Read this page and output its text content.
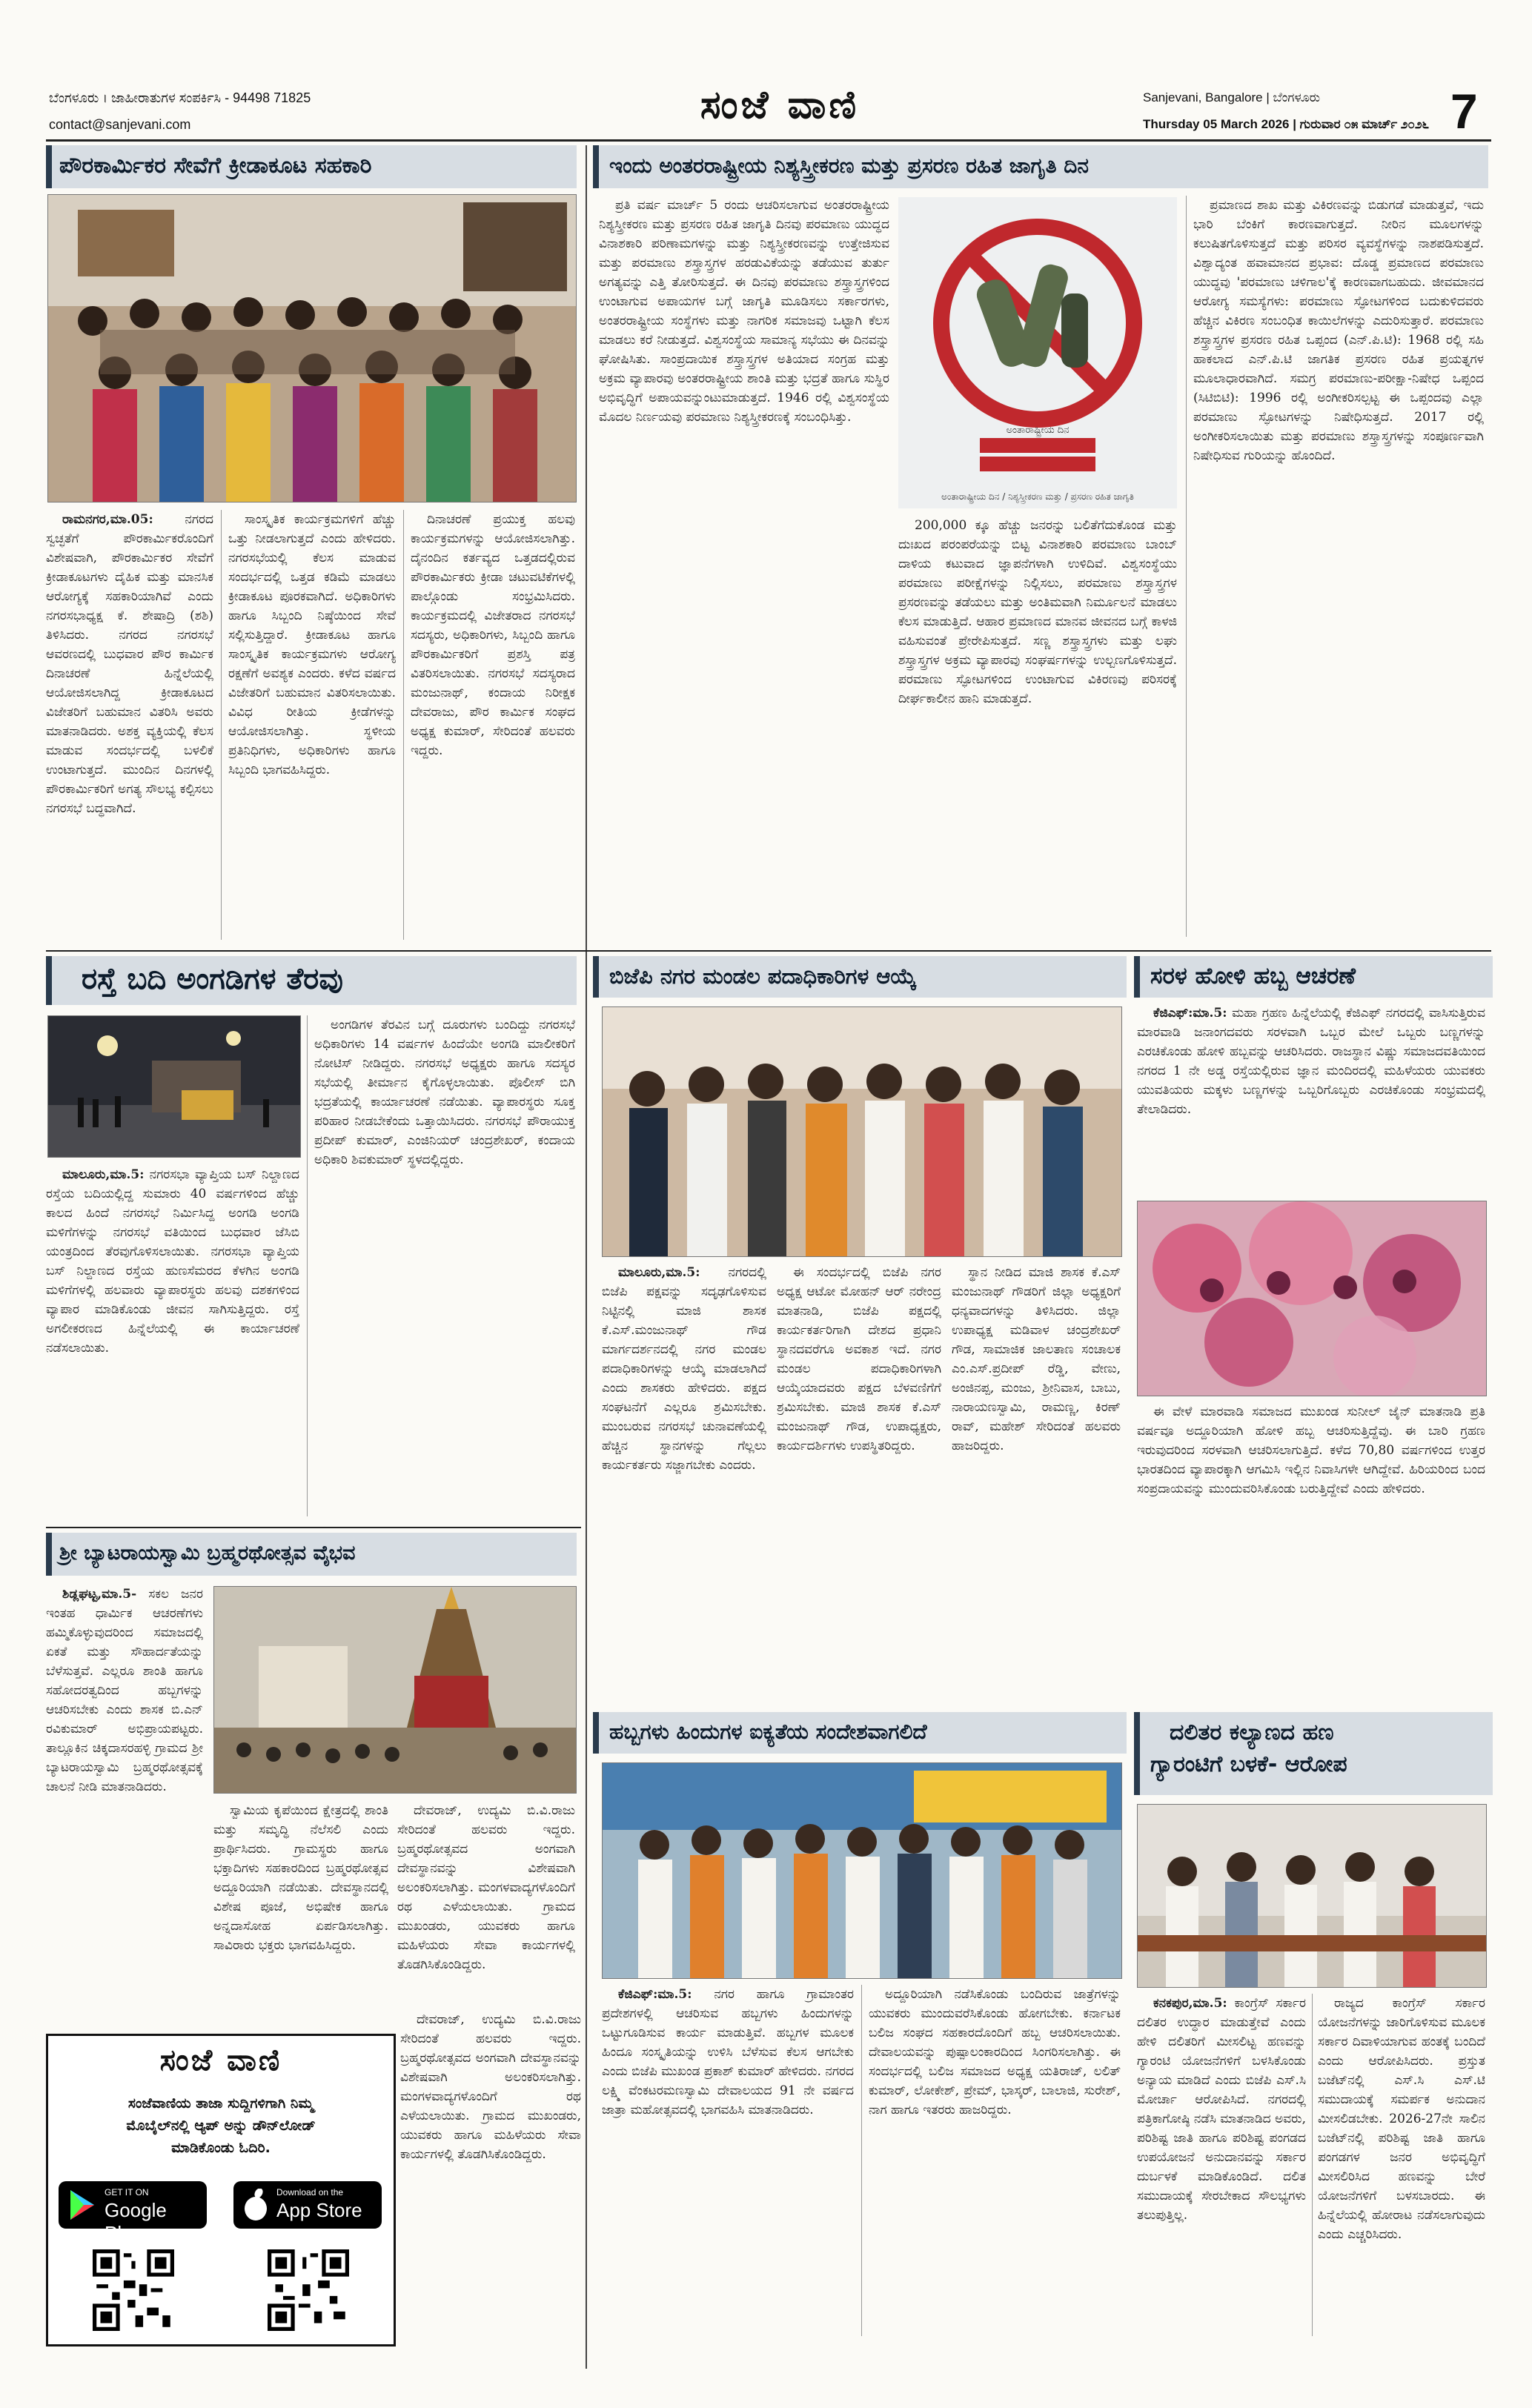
ಬೆಂಗಳೂರು । ಜಾಹೀರಾತುಗಳ ಸಂಪರ್ಕಿಸಿ - 94498 71825
contact@sanjevani.com	ಸಂಜೆ ವಾಣಿ	Sanjevani, Bangalore | ಬೆಂಗಳೂರು
Thursday 05 March 2026 | ಗುರುವಾರ ೦೫ ಮಾರ್ಚ್ ೨೦೨೬ 7
ಪೌರಕಾರ್ಮಿಕರ ಸೇವೆಗೆ ಕ್ರೀಡಾಕೂಟ ಸಹಕಾರಿ

ರಾಮನಗರ,ಮಾ.05:	ನಗರದ ಸ್ವಚ್ಛತೆಗೆ ಪೌರಕಾರ್ಮಿಕರೊಂದಿಗೆ ವಿಶೇಷವಾಗಿ, ಪೌರಕಾರ್ಮಿಕರ ಸೇವೆಗೆ ಕ್ರೀಡಾಕೂಟಗಳು ದೈಹಿಕ ಮತ್ತು ಮಾನಸಿಕ ಆರೋಗ್ಯಕ್ಕೆ ಸಹಕಾರಿಯಾಗಿವೆ ಎಂದು ನಗರಸಭಾಧ್ಯಕ್ಷ ಕೆ. ಶೇಷಾದ್ರಿ (ಶಶಿ) ತಿಳಿಸಿದರು. ನಗರದ ನಗರಸಭೆ ಆವರಣದಲ್ಲಿ ಬುಧವಾರ ಪೌರ ಕಾರ್ಮಿಕ ದಿನಾಚರಣೆ ಹಿನ್ನೆಲೆಯಲ್ಲಿ ಆಯೋಜಿಸಲಾಗಿದ್ದ ಕ್ರೀಡಾಕೂಟದ ವಿಜೇತರಿಗೆ ಬಹುಮಾನ ವಿತರಿಸಿ ಅವರು ಮಾತನಾಡಿದರು. ಅಶಕ್ತ ವ್ಯಕ್ತಿಯಲ್ಲಿ ಕೆಲಸ ಮಾಡುವ ಸಂದರ್ಭದಲ್ಲಿ ಬಳಲಿಕೆ ಉಂಟಾಗುತ್ತದೆ. ಮುಂದಿನ ದಿನಗಳಲ್ಲಿ ಪೌರಕಾರ್ಮಿಕರಿಗೆ ಅಗತ್ಯ ಸೌಲಭ್ಯ ಕಲ್ಪಿಸಲು ನಗರಸಭೆ ಬದ್ಧವಾಗಿದೆ.

ಸಾಂಸ್ಕೃತಿಕ ಕಾರ್ಯಕ್ರಮಗಳಿಗೆ ಹೆಚ್ಚು ಒತ್ತು ನೀಡಲಾಗುತ್ತದೆ ಎಂದು ಹೇಳಿದರು. ನಗರಸಭೆಯಲ್ಲಿ ಕೆಲಸ ಮಾಡುವ ಸಂದರ್ಭದಲ್ಲಿ ಒತ್ತಡ ಕಡಿಮೆ ಮಾಡಲು ಕ್ರೀಡಾಕೂಟ ಪೂರಕವಾಗಿದೆ. ಅಧಿಕಾರಿಗಳು ಹಾಗೂ ಸಿಬ್ಬಂದಿ ನಿಷ್ಠೆಯಿಂದ ಸೇವೆ ಸಲ್ಲಿಸುತ್ತಿದ್ದಾರೆ. ಕ್ರೀಡಾಕೂಟ ಹಾಗೂ ಸಾಂಸ್ಕೃತಿಕ ಕಾರ್ಯಕ್ರಮಗಳು ಆರೋಗ್ಯ ರಕ್ಷಣೆಗೆ ಅವಶ್ಯಕ ಎಂದರು. ಕಳೆದ ವರ್ಷದ ವಿಜೇತರಿಗೆ ಬಹುಮಾನ ವಿತರಿಸಲಾಯಿತು. ವಿವಿಧ ರೀತಿಯ ಕ್ರೀಡೆಗಳನ್ನು ಆಯೋಜಿಸಲಾಗಿತ್ತು. ಸ್ಥಳೀಯ ಪ್ರತಿನಿಧಿಗಳು, ಅಧಿಕಾರಿಗಳು ಹಾಗೂ ಸಿಬ್ಬಂದಿ ಭಾಗವಹಿಸಿದ್ದರು.

ದಿನಾಚರಣೆ ಪ್ರಯುಕ್ತ ಹಲವು ಕಾರ್ಯಕ್ರಮಗಳನ್ನು ಆಯೋಜಿಸಲಾಗಿತ್ತು. ದೈನಂದಿನ ಕರ್ತವ್ಯದ ಒತ್ತಡದಲ್ಲಿರುವ ಪೌರಕಾರ್ಮಿಕರು ಕ್ರೀಡಾ ಚಟುವಟಿಕೆಗಳಲ್ಲಿ ಪಾಲ್ಗೊಂಡು ಸಂಭ್ರಮಿಸಿದರು. ಕಾರ್ಯಕ್ರಮದಲ್ಲಿ ವಿಜೇತರಾದ ನಗರಸಭೆ ಸದಸ್ಯರು, ಅಧಿಕಾರಿಗಳು, ಸಿಬ್ಬಂದಿ ಹಾಗೂ ಪೌರಕಾರ್ಮಿಕರಿಗೆ ಪ್ರಶಸ್ತಿ ಪತ್ರ ವಿತರಿಸಲಾಯಿತು. ನಗರಸಭೆ ಸದಸ್ಯರಾದ ಮಂಜುನಾಥ್, ಕಂದಾಯ ನಿರೀಕ್ಷಕ ದೇವರಾಜು, ಪೌರ ಕಾರ್ಮಿಕ ಸಂಘದ ಅಧ್ಯಕ್ಷ ಕುಮಾರ್, ಸೇರಿದಂತೆ ಹಲವರು ಇದ್ದರು.

ಇಂದು ಅಂತರರಾಷ್ಟ್ರೀಯ ನಿಶ್ಯಸ್ತ್ರೀಕರಣ ಮತ್ತು ಪ್ರಸರಣ ರಹಿತ ಜಾಗೃತಿ ದಿನ

ಪ್ರತಿ ವರ್ಷ ಮಾರ್ಚ್ 5 ರಂದು ಆಚರಿಸಲಾಗುವ ಅಂತರರಾಷ್ಟ್ರೀಯ ನಿಶ್ಯಸ್ತ್ರೀಕರಣ ಮತ್ತು ಪ್ರಸರಣ ರಹಿತ ಜಾಗೃತಿ ದಿನವು ಪರಮಾಣು ಯುದ್ಧದ ವಿನಾಶಕಾರಿ ಪರಿಣಾಮಗಳನ್ನು ಮತ್ತು ನಿಶ್ಯಸ್ತ್ರೀಕರಣವನ್ನು ಉತ್ತೇಜಿಸುವ ಮತ್ತು ಪರಮಾಣು ಶಸ್ತ್ರಾಸ್ತ್ರಗಳ ಹರಡುವಿಕೆಯನ್ನು ತಡೆಯುವ ತುರ್ತು ಅಗತ್ಯವನ್ನು ಎತ್ತಿ ತೋರಿಸುತ್ತದೆ. ಈ ದಿನವು ಪರಮಾಣು ಶಸ್ತ್ರಾಸ್ತ್ರಗಳಿಂದ ಉಂಟಾಗುವ ಅಪಾಯಗಳ ಬಗ್ಗೆ ಜಾಗೃತಿ ಮೂಡಿಸಲು ಸರ್ಕಾರಗಳು, ಅಂತರರಾಷ್ಟ್ರೀಯ ಸಂಸ್ಥೆಗಳು ಮತ್ತು ನಾಗರಿಕ ಸಮಾಜವು ಒಟ್ಟಾಗಿ ಕೆಲಸ ಮಾಡಲು ಕರೆ ನೀಡುತ್ತದೆ. ವಿಶ್ವಸಂಸ್ಥೆಯ ಸಾಮಾನ್ಯ ಸಭೆಯು ಈ ದಿನವನ್ನು ಘೋಷಿಸಿತು. ಸಾಂಪ್ರದಾಯಿಕ ಶಸ್ತ್ರಾಸ್ತ್ರಗಳ ಅತಿಯಾದ ಸಂಗ್ರಹ ಮತ್ತು ಅಕ್ರಮ ವ್ಯಾಪಾರವು ಅಂತರರಾಷ್ಟ್ರೀಯ ಶಾಂತಿ ಮತ್ತು ಭದ್ರತೆ ಹಾಗೂ ಸುಸ್ಥಿರ ಅಭಿವೃದ್ಧಿಗೆ ಅಪಾಯವನ್ನುಂಟುಮಾಡುತ್ತದೆ. 1946 ರಲ್ಲಿ ವಿಶ್ವಸಂಸ್ಥೆಯ ಮೊದಲ ನಿರ್ಣಯವು ಪರಮಾಣು ನಿಶ್ಯಸ್ತ್ರೀಕರಣಕ್ಕೆ ಸಂಬಂಧಿಸಿತ್ತು.

ಅಂತಾರಾಷ್ಟ್ರೀಯ ದಿನ
ಅಂತಾರಾಷ್ಟ್ರೀಯ ದಿನ / ನಿಶ್ಯಸ್ತ್ರೀಕರಣ ಮತ್ತು / ಪ್ರಸರಣ ರಹಿತ ಜಾಗೃತಿ

200,000 ಕ್ಕೂ ಹೆಚ್ಚು ಜನರನ್ನು ಬಲಿತೆಗೆದುಕೊಂಡ ಮತ್ತು ದುಃಖದ ಪರಂಪರೆಯನ್ನು ಬಿಟ್ಟ ವಿನಾಶಕಾರಿ ಪರಮಾಣು ಬಾಂಬ್ ದಾಳಿಯ ಕಟುವಾದ ಜ್ಞಾಪನೆಗಳಾಗಿ ಉಳಿದಿವೆ. ವಿಶ್ವಸಂಸ್ಥೆಯು ಪರಮಾಣು ಪರೀಕ್ಷೆಗಳನ್ನು ನಿಲ್ಲಿಸಲು, ಪರಮಾಣು ಶಸ್ತ್ರಾಸ್ತ್ರಗಳ ಪ್ರಸರಣವನ್ನು ತಡೆಯಲು ಮತ್ತು ಅಂತಿಮವಾಗಿ ನಿರ್ಮೂಲನೆ ಮಾಡಲು ಕೆಲಸ ಮಾಡುತ್ತಿದೆ. ಆಹಾರ ಪ್ರಮಾಣದ ಮಾನವ ಜೀವನದ ಬಗ್ಗೆ ಕಾಳಜಿ ವಹಿಸುವಂತೆ ಪ್ರೇರೇಪಿಸುತ್ತದೆ. ಸಣ್ಣ ಶಸ್ತ್ರಾಸ್ತ್ರಗಳು ಮತ್ತು ಲಘು ಶಸ್ತ್ರಾಸ್ತ್ರಗಳ ಅಕ್ರಮ ವ್ಯಾಪಾರವು ಸಂಘರ್ಷಗಳನ್ನು ಉಲ್ಬಣಗೊಳಿಸುತ್ತದೆ. ಪರಮಾಣು ಸ್ಫೋಟಗಳಿಂದ ಉಂಟಾಗುವ ವಿಕಿರಣವು ಪರಿಸರಕ್ಕೆ ದೀರ್ಘಕಾಲೀನ ಹಾನಿ ಮಾಡುತ್ತದೆ.

ಪ್ರಮಾಣದ ಶಾಖ ಮತ್ತು ವಿಕಿರಣವನ್ನು ಬಿಡುಗಡೆ ಮಾಡುತ್ತವೆ, ಇದು ಭಾರಿ ಬೆಂಕಿಗೆ ಕಾರಣವಾಗುತ್ತದೆ. ನೀರಿನ ಮೂಲಗಳನ್ನು ಕಲುಷಿತಗೊಳಿಸುತ್ತದೆ ಮತ್ತು ಪರಿಸರ ವ್ಯವಸ್ಥೆಗಳನ್ನು ನಾಶಪಡಿಸುತ್ತದೆ. ವಿಶ್ವಾದ್ಯಂತ ಹವಾಮಾನದ ಪ್ರಭಾವ: ದೊಡ್ಡ ಪ್ರಮಾಣದ ಪರಮಾಣು ಯುದ್ಧವು 'ಪರಮಾಣು ಚಳಿಗಾಲ'ಕ್ಕೆ ಕಾರಣವಾಗಬಹುದು. ಜೀವಮಾನದ ಆರೋಗ್ಯ ಸಮಸ್ಯೆಗಳು: ಪರಮಾಣು ಸ್ಫೋಟಗಳಿಂದ ಬದುಕುಳಿದವರು ಹೆಚ್ಚಿನ ವಿಕಿರಣ ಸಂಬಂಧಿತ ಕಾಯಿಲೆಗಳನ್ನು ಎದುರಿಸುತ್ತಾರೆ. ಪರಮಾಣು ಶಸ್ತ್ರಾಸ್ತ್ರಗಳ ಪ್ರಸರಣ ರಹಿತ ಒಪ್ಪಂದ (ಎನ್.ಪಿ.ಟಿ): 1968 ರಲ್ಲಿ ಸಹಿ ಹಾಕಲಾದ ಎನ್.ಪಿ.ಟಿ ಜಾಗತಿಕ ಪ್ರಸರಣ ರಹಿತ ಪ್ರಯತ್ನಗಳ ಮೂಲಾಧಾರವಾಗಿದೆ. ಸಮಗ್ರ ಪರಮಾಣು-ಪರೀಕ್ಷಾ-ನಿಷೇಧ ಒಪ್ಪಂದ (ಸಿಟಿಬಿಟಿ): 1996 ರಲ್ಲಿ ಅಂಗೀಕರಿಸಲ್ಪಟ್ಟ ಈ ಒಪ್ಪಂದವು ಎಲ್ಲಾ ಪರಮಾಣು ಸ್ಫೋಟಗಳನ್ನು ನಿಷೇಧಿಸುತ್ತದೆ. 2017 ರಲ್ಲಿ ಅಂಗೀಕರಿಸಲಾಯಿತು ಮತ್ತು ಪರಮಾಣು ಶಸ್ತ್ರಾಸ್ತ್ರಗಳನ್ನು ಸಂಪೂರ್ಣವಾಗಿ ನಿಷೇಧಿಸುವ ಗುರಿಯನ್ನು ಹೊಂದಿದೆ.

ರಸ್ತೆ ಬದಿ ಅಂಗಡಿಗಳ ತೆರವು

ಮಾಲೂರು,ಮಾ.5: ನಗರಸಭಾ ವ್ಯಾಪ್ತಿಯ ಬಸ್ ನಿಲ್ದಾಣದ ರಸ್ತೆಯ ಬದಿಯಲ್ಲಿದ್ದ ಸುಮಾರು 40 ವರ್ಷಗಳಿಂದ ಹೆಚ್ಚು ಕಾಲದ ಹಿಂದೆ ನಗರಸಭೆ ನಿರ್ಮಿಸಿದ್ದ ಅಂಗಡಿ ಅಂಗಡಿ ಮಳಿಗೆಗಳನ್ನು ನಗರಸಭೆ ವತಿಯಿಂದ ಬುಧವಾರ ಜೆಸಿಬಿ ಯಂತ್ರದಿಂದ ತೆರವುಗೊಳಿಸಲಾಯಿತು. ನಗರಸಭಾ ವ್ಯಾಪ್ತಿಯ ಬಸ್ ನಿಲ್ದಾಣದ ರಸ್ತೆಯ ಹುಣಸೆಮರದ ಕೆಳಗಿನ ಅಂಗಡಿ ಮಳಿಗೆಗಳಲ್ಲಿ ಹಲವಾರು ವ್ಯಾಪಾರಸ್ಥರು ಹಲವು ದಶಕಗಳಿಂದ ವ್ಯಾಪಾರ ಮಾಡಿಕೊಂಡು ಜೀವನ ಸಾಗಿಸುತ್ತಿದ್ದರು. ರಸ್ತೆ ಅಗಲೀಕರಣದ ಹಿನ್ನೆಲೆಯಲ್ಲಿ ಈ ಕಾರ್ಯಾಚರಣೆ ನಡೆಸಲಾಯಿತು.

ಅಂಗಡಿಗಳ ತೆರವಿನ ಬಗ್ಗೆ ದೂರುಗಳು ಬಂದಿದ್ದು ನಗರಸಭೆ ಅಧಿಕಾರಿಗಳು 14 ವರ್ಷಗಳ ಹಿಂದೆಯೇ ಅಂಗಡಿ ಮಾಲೀಕರಿಗೆ ನೋಟಿಸ್ ನೀಡಿದ್ದರು. ನಗರಸಭೆ ಅಧ್ಯಕ್ಷರು ಹಾಗೂ ಸದಸ್ಯರ ಸಭೆಯಲ್ಲಿ ತೀರ್ಮಾನ ಕೈಗೊಳ್ಳಲಾಯಿತು. ಪೊಲೀಸ್ ಬಿಗಿ ಭದ್ರತೆಯಲ್ಲಿ ಕಾರ್ಯಾಚರಣೆ ನಡೆಯಿತು. ವ್ಯಾಪಾರಸ್ಥರು ಸೂಕ್ತ ಪರಿಹಾರ ನೀಡಬೇಕೆಂದು ಒತ್ತಾಯಿಸಿದರು. ನಗರಸಭೆ ಪೌರಾಯುಕ್ತ ಪ್ರದೀಪ್ ಕುಮಾರ್, ಎಂಜಿನಿಯರ್ ಚಂದ್ರಶೇಖರ್, ಕಂದಾಯ ಅಧಿಕಾರಿ ಶಿವಕುಮಾರ್ ಸ್ಥಳದಲ್ಲಿದ್ದರು.

ಬಿಜೆಪಿ ನಗರ ಮಂಡಲ ಪದಾಧಿಕಾರಿಗಳ ಆಯ್ಕೆ

ಮಾಲೂರು,ಮಾ.5: ನಗರದಲ್ಲಿ ಬಿಜೆಪಿ ಪಕ್ಷವನ್ನು ಸದೃಢಗೊಳಿಸುವ ನಿಟ್ಟಿನಲ್ಲಿ ಮಾಜಿ ಶಾಸಕ ಕೆ.ಎಸ್.ಮಂಜುನಾಥ್ ಗೌಡ ಮಾರ್ಗದರ್ಶನದಲ್ಲಿ ನಗರ ಮಂಡಲ ಪದಾಧಿಕಾರಿಗಳನ್ನು ಆಯ್ಕೆ ಮಾಡಲಾಗಿದೆ ಎಂದು ಶಾಸಕರು ಹೇಳಿದರು. ಪಕ್ಷದ ಸಂಘಟನೆಗೆ ಎಲ್ಲರೂ ಶ್ರಮಿಸಬೇಕು. ಮುಂಬರುವ ನಗರಸಭೆ ಚುನಾವಣೆಯಲ್ಲಿ ಹೆಚ್ಚಿನ ಸ್ಥಾನಗಳನ್ನು ಗೆಲ್ಲಲು ಕಾರ್ಯಕರ್ತರು ಸಜ್ಜಾಗಬೇಕು ಎಂದರು.

ಈ ಸಂದರ್ಭದಲ್ಲಿ ಬಿಜೆಪಿ ನಗರ ಅಧ್ಯಕ್ಷ ಆಟೋ ಮೋಹನ್ ಆರ್ ನರೇಂದ್ರ ಮಾತನಾಡಿ, ಬಿಜೆಪಿ ಪಕ್ಷದಲ್ಲಿ ಕಾರ್ಯಕರ್ತರಿಗಾಗಿ ದೇಶದ ಪ್ರಧಾನಿ ಸ್ಥಾನದವರೆಗೂ ಅವಕಾಶ ಇದೆ. ನಗರ ಮಂಡಲ ಪದಾಧಿಕಾರಿಗಳಾಗಿ ಆಯ್ಕೆಯಾದವರು ಪಕ್ಷದ ಬೆಳವಣಿಗೆಗೆ ಶ್ರಮಿಸಬೇಕು. ಮಾಜಿ ಶಾಸಕ ಕೆ.ಎಸ್ ಮಂಜುನಾಥ್ ಗೌಡ, ಉಪಾಧ್ಯಕ್ಷರು, ಕಾರ್ಯದರ್ಶಿಗಳು ಉಪಸ್ಥಿತರಿದ್ದರು.

ಸ್ಥಾನ ನೀಡಿದ ಮಾಜಿ ಶಾಸಕ ಕೆ.ಎಸ್ ಮಂಜುನಾಥ್ ಗೌಡರಿಗೆ ಜಿಲ್ಲಾ ಅಧ್ಯಕ್ಷರಿಗೆ ಧನ್ಯವಾದಗಳನ್ನು ತಿಳಿಸಿದರು. ಜಿಲ್ಲಾ ಉಪಾಧ್ಯಕ್ಷ ಮಡಿವಾಳ ಚಂದ್ರಶೇಖರ್ ಗೌಡ, ಸಾಮಾಜಿಕ ಜಾಲತಾಣ ಸಂಚಾಲಕ ಎಂ.ಎಸ್.ಪ್ರದೀಪ್ ರೆಡ್ಡಿ, ವೇಣು, ಅಂಜಿನಪ್ಪ, ಮಂಜು, ಶ್ರೀನಿವಾಸ, ಬಾಬು, ನಾರಾಯಣಸ್ವಾಮಿ, ರಾಮಣ್ಣ, ಕಿರಣ್ ರಾವ್, ಮಹೇಶ್ ಸೇರಿದಂತೆ ಹಲವರು ಹಾಜರಿದ್ದರು.

ಸರಳ ಹೋಳಿ ಹಬ್ಬ ಆಚರಣೆ

ಕೆಜಿಎಫ್:ಮಾ.5: ಮಹಾ ಗ್ರಹಣ ಹಿನ್ನೆಲೆಯಲ್ಲಿ ಕೆಜಿಎಫ್ ನಗರದಲ್ಲಿ ವಾಸಿಸುತ್ತಿರುವ ಮಾರವಾಡಿ ಜನಾಂಗದವರು ಸರಳವಾಗಿ ಒಬ್ಬರ ಮೇಲೆ ಒಬ್ಬರು ಬಣ್ಣಗಳನ್ನು ಎರಚಿಕೊಂಡು ಹೋಳಿ ಹಬ್ಬವನ್ನು ಆಚರಿಸಿದರು. ರಾಜಸ್ಥಾನ ವಿಷ್ಣು ಸಮಾಜದವತಿಯಿಂದ ನಗರದ 1 ನೇ ಅಡ್ಡ ರಸ್ತೆಯಲ್ಲಿರುವ ಜ್ಞಾನ ಮಂದಿರದಲ್ಲಿ ಮಹಿಳೆಯರು ಯುವಕರು ಯುವತಿಯರು ಮಕ್ಕಳು ಬಣ್ಣಗಳನ್ನು ಒಬ್ಬರಿಗೊಬ್ಬರು ಎರಚಿಕೊಂಡು ಸಂಭ್ರಮದಲ್ಲಿ ತೇಲಾಡಿದರು.

ಈ ವೇಳೆ ಮಾರವಾಡಿ ಸಮಾಜದ ಮುಖಂಡ ಸುನೀಲ್ ಜೈನ್ ಮಾತನಾಡಿ ಪ್ರತಿ ವರ್ಷವೂ ಅದ್ದೂರಿಯಾಗಿ ಹೋಳಿ ಹಬ್ಬ ಆಚರಿಸುತ್ತಿದ್ದೆವು. ಈ ಬಾರಿ ಗ್ರಹಣ ಇರುವುದರಿಂದ ಸರಳವಾಗಿ ಆಚರಿಸಲಾಗುತ್ತಿದೆ. ಕಳೆದ 70,80 ವರ್ಷಗಳಿಂದ ಉತ್ತರ ಭಾರತದಿಂದ ವ್ಯಾಪಾರಕ್ಕಾಗಿ ಆಗಮಿಸಿ ಇಲ್ಲಿನ ನಿವಾಸಿಗಳೇ ಆಗಿದ್ದೇವೆ. ಹಿರಿಯರಿಂದ ಬಂದ ಸಂಪ್ರದಾಯವನ್ನು ಮುಂದುವರಿಸಿಕೊಂಡು ಬರುತ್ತಿದ್ದೇವೆ ಎಂದು ಹೇಳಿದರು.

ಶ್ರೀ ಬ್ಯಾಟರಾಯಸ್ವಾಮಿ ಬ್ರಹ್ಮರಥೋತ್ಸವ ವೈಭವ

ಶಿಡ್ಲಘಟ್ಟ,ಮಾ.5- ಸಕಲ ಜನರ ಇಂತಹ ಧಾರ್ಮಿಕ ಆಚರಣೆಗಳು ಹಮ್ಮಿಕೊಳ್ಳುವುದರಿಂದ ಸಮಾಜದಲ್ಲಿ ಏಕತೆ ಮತ್ತು ಸೌಹಾರ್ದತೆಯನ್ನು ಬೆಳೆಸುತ್ತವೆ. ಎಲ್ಲರೂ ಶಾಂತಿ ಹಾಗೂ ಸಹೋದರತ್ವದಿಂದ ಹಬ್ಬಗಳನ್ನು ಆಚರಿಸಬೇಕು ಎಂದು ಶಾಸಕ ಬಿ.ಎನ್ ರವಿಕುಮಾರ್ ಅಭಿಪ್ರಾಯಪಟ್ಟರು. ತಾಲ್ಲೂಕಿನ ಚಿಕ್ಕದಾಸರಹಳ್ಳಿ ಗ್ರಾಮದ ಶ್ರೀ ಬ್ಯಾಟರಾಯಸ್ವಾಮಿ ಬ್ರಹ್ಮರಥೋತ್ಸವಕ್ಕೆ ಚಾಲನೆ ನೀಡಿ ಮಾತನಾಡಿದರು.

ಸ್ವಾಮಿಯ ಕೃಪೆಯಿಂದ ಕ್ಷೇತ್ರದಲ್ಲಿ ಶಾಂತಿ ಮತ್ತು ಸಮೃದ್ಧಿ ನೆಲೆಸಲಿ ಎಂದು ಪ್ರಾರ್ಥಿಸಿದರು. ಗ್ರಾಮಸ್ಥರು ಹಾಗೂ ಭಕ್ತಾದಿಗಳು ಸಹಕಾರದಿಂದ ಬ್ರಹ್ಮರಥೋತ್ಸವ ಅದ್ದೂರಿಯಾಗಿ ನಡೆಯಿತು. ದೇವಸ್ಥಾನದಲ್ಲಿ ವಿಶೇಷ ಪೂಜೆ, ಅಭಿಷೇಕ ಹಾಗೂ ಅನ್ನದಾಸೋಹ ಏರ್ಪಡಿಸಲಾಗಿತ್ತು. ಸಾವಿರಾರು ಭಕ್ತರು ಭಾಗವಹಿಸಿದ್ದರು.

ದೇವರಾಜ್, ಉದ್ಯಮಿ ಬಿ.ವಿ.ರಾಜು ಸೇರಿದಂತೆ ಹಲವರು ಇದ್ದರು. ಬ್ರಹ್ಮರಥೋತ್ಸವದ ಅಂಗವಾಗಿ ದೇವಸ್ಥಾನವನ್ನು ವಿಶೇಷವಾಗಿ ಅಲಂಕರಿಸಲಾಗಿತ್ತು. ಮಂಗಳವಾದ್ಯಗಳೊಂದಿಗೆ ರಥ ಎಳೆಯಲಾಯಿತು. ಗ್ರಾಮದ ಮುಖಂಡರು, ಯುವಕರು ಹಾಗೂ ಮಹಿಳೆಯರು ಸೇವಾ ಕಾರ್ಯಗಳಲ್ಲಿ ತೊಡಗಿಸಿಕೊಂಡಿದ್ದರು.

ಸಂಜೆ ವಾಣಿ
ಸಂಜೆವಾಣಿಯ ತಾಜಾ ಸುದ್ದಿಗಳಿಗಾಗಿ ನಿಮ್ಮ
ಮೊಬೈಲ್‌ನಲ್ಲಿ ಆ್ಯಪ್ ಅನ್ನು ಡೌನ್‌ಲೋಡ್
ಮಾಡಿಕೊಂಡು ಓದಿರಿ.
GET IT ON
Google Play
Download on the
App Store

ದೇವರಾಜ್, ಉದ್ಯಮಿ ಬಿ.ವಿ.ರಾಜು ಸೇರಿದಂತೆ ಹಲವರು ಇದ್ದರು. ಬ್ರಹ್ಮರಥೋತ್ಸವದ ಅಂಗವಾಗಿ ದೇವಸ್ಥಾನವನ್ನು ವಿಶೇಷವಾಗಿ ಅಲಂಕರಿಸಲಾಗಿತ್ತು. ಮಂಗಳವಾದ್ಯಗಳೊಂದಿಗೆ ರಥ ಎಳೆಯಲಾಯಿತು. ಗ್ರಾಮದ ಮುಖಂಡರು, ಯುವಕರು ಹಾಗೂ ಮಹಿಳೆಯರು ಸೇವಾ ಕಾರ್ಯಗಳಲ್ಲಿ ತೊಡಗಿಸಿಕೊಂಡಿದ್ದರು.

ಹಬ್ಬಗಳು ಹಿಂದುಗಳ ಐಕ್ಯತೆಯ ಸಂದೇಶವಾಗಲಿದೆ

ಕೆಜಿಎಫ್:ಮಾ.5: ನಗರ ಹಾಗೂ ಗ್ರಾಮಾಂತರ ಪ್ರದೇಶಗಳಲ್ಲಿ ಆಚರಿಸುವ ಹಬ್ಬಗಳು ಹಿಂದುಗಳನ್ನು ಒಟ್ಟುಗೂಡಿಸುವ ಕಾರ್ಯ ಮಾಡುತ್ತಿವೆ. ಹಬ್ಬಗಳ ಮೂಲಕ ಹಿಂದೂ ಸಂಸ್ಕೃತಿಯನ್ನು ಉಳಿಸಿ ಬೆಳೆಸುವ ಕೆಲಸ ಆಗಬೇಕು ಎಂದು ಬಿಜೆಪಿ ಮುಖಂಡ ಪ್ರಕಾಶ್ ಕುಮಾರ್ ಹೇಳಿದರು. ನಗರದ ಲಕ್ಷ್ಮಿ ವೆಂಕಟರಮಣಸ್ವಾಮಿ ದೇವಾಲಯದ 91 ನೇ ವರ್ಷದ ಜಾತ್ರಾ ಮಹೋತ್ಸವದಲ್ಲಿ ಭಾಗವಹಿಸಿ ಮಾತನಾಡಿದರು.

ಅದ್ದೂರಿಯಾಗಿ ನಡೆಸಿಕೊಂಡು ಬಂದಿರುವ ಜಾತ್ರೆಗಳನ್ನು ಯುವಕರು ಮುಂದುವರೆಸಿಕೊಂಡು ಹೋಗಬೇಕು. ಕರ್ನಾಟಕ ಬಲಿಜ ಸಂಘದ ಸಹಕಾರದೊಂದಿಗೆ ಹಬ್ಬ ಆಚರಿಸಲಾಯಿತು. ದೇವಾಲಯವನ್ನು ಪುಷ್ಪಾಲಂಕಾರದಿಂದ ಸಿಂಗರಿಸಲಾಗಿತ್ತು. ಈ ಸಂದರ್ಭದಲ್ಲಿ ಬಲಿಜ ಸಮಾಜದ ಅಧ್ಯಕ್ಷ ಯತಿರಾಜ್, ಲಲಿತ್ ಕುಮಾರ್, ಲೋಕೇಶ್, ಪ್ರೇಮ್, ಭಾಸ್ಕರ್, ಬಾಲಾಜಿ, ಸುರೇಶ್, ನಾಗ ಹಾಗೂ ಇತರರು ಹಾಜರಿದ್ದರು.

ದಲಿತರ ಕಲ್ಯಾಣದ ಹಣ
ಗ್ಯಾರಂಟಿಗೆ ಬಳಕೆ- ಆರೋಪ

ಕನಕಪುರ,ಮಾ.5: ಕಾಂಗ್ರೆಸ್ ಸರ್ಕಾರ ದಲಿತರ ಉದ್ಧಾರ ಮಾಡುತ್ತೇವೆ ಎಂದು ಹೇಳಿ ದಲಿತರಿಗೆ ಮೀಸಲಿಟ್ಟ ಹಣವನ್ನು ಗ್ಯಾರಂಟಿ ಯೋಜನೆಗಳಿಗೆ ಬಳಸಿಕೊಂಡು ಅನ್ಯಾಯ ಮಾಡಿದೆ ಎಂದು ಬಿಜೆಪಿ ಎಸ್.ಸಿ ಮೋರ್ಚಾ ಆರೋಪಿಸಿದೆ. ನಗರದಲ್ಲಿ ಪತ್ರಿಕಾಗೋಷ್ಠಿ ನಡೆಸಿ ಮಾತನಾಡಿದ ಅವರು, ಪರಿಶಿಷ್ಟ ಜಾತಿ ಹಾಗೂ ಪರಿಶಿಷ್ಟ ಪಂಗಡದ ಉಪಯೋಜನೆ ಅನುದಾನವನ್ನು ಸರ್ಕಾರ ದುರ್ಬಳಕೆ ಮಾಡಿಕೊಂಡಿದೆ. ದಲಿತ ಸಮುದಾಯಕ್ಕೆ ಸೇರಬೇಕಾದ ಸೌಲಭ್ಯಗಳು ತಲುಪುತ್ತಿಲ್ಲ.

ರಾಜ್ಯದ ಕಾಂಗ್ರೆಸ್ ಸರ್ಕಾರ ಯೋಜನೆಗಳನ್ನು ಜಾರಿಗೊಳಿಸುವ ಮೂಲಕ ಸರ್ಕಾರ ದಿವಾಳಿಯಾಗುವ ಹಂತಕ್ಕೆ ಬಂದಿದೆ ಎಂದು ಆರೋಪಿಸಿದರು. ಪ್ರಸ್ತುತ ಬಜೆಟ್‌ನಲ್ಲಿ ಎಸ್.ಸಿ ಎಸ್.ಟಿ ಸಮುದಾಯಕ್ಕೆ ಸಮರ್ಪಕ ಅನುದಾನ ಮೀಸಲಿಡಬೇಕು. 2026-27ನೇ ಸಾಲಿನ ಬಜೆಟ್‌ನಲ್ಲಿ ಪರಿಶಿಷ್ಟ ಜಾತಿ ಹಾಗೂ ಪಂಗಡಗಳ ಜನರ ಅಭಿವೃದ್ಧಿಗೆ ಮೀಸಲಿರಿಸಿದ ಹಣವನ್ನು ಬೇರೆ ಯೋಜನೆಗಳಿಗೆ ಬಳಸಬಾರದು. ಈ ಹಿನ್ನೆಲೆಯಲ್ಲಿ ಹೋರಾಟ ನಡೆಸಲಾಗುವುದು ಎಂದು ಎಚ್ಚರಿಸಿದರು.
